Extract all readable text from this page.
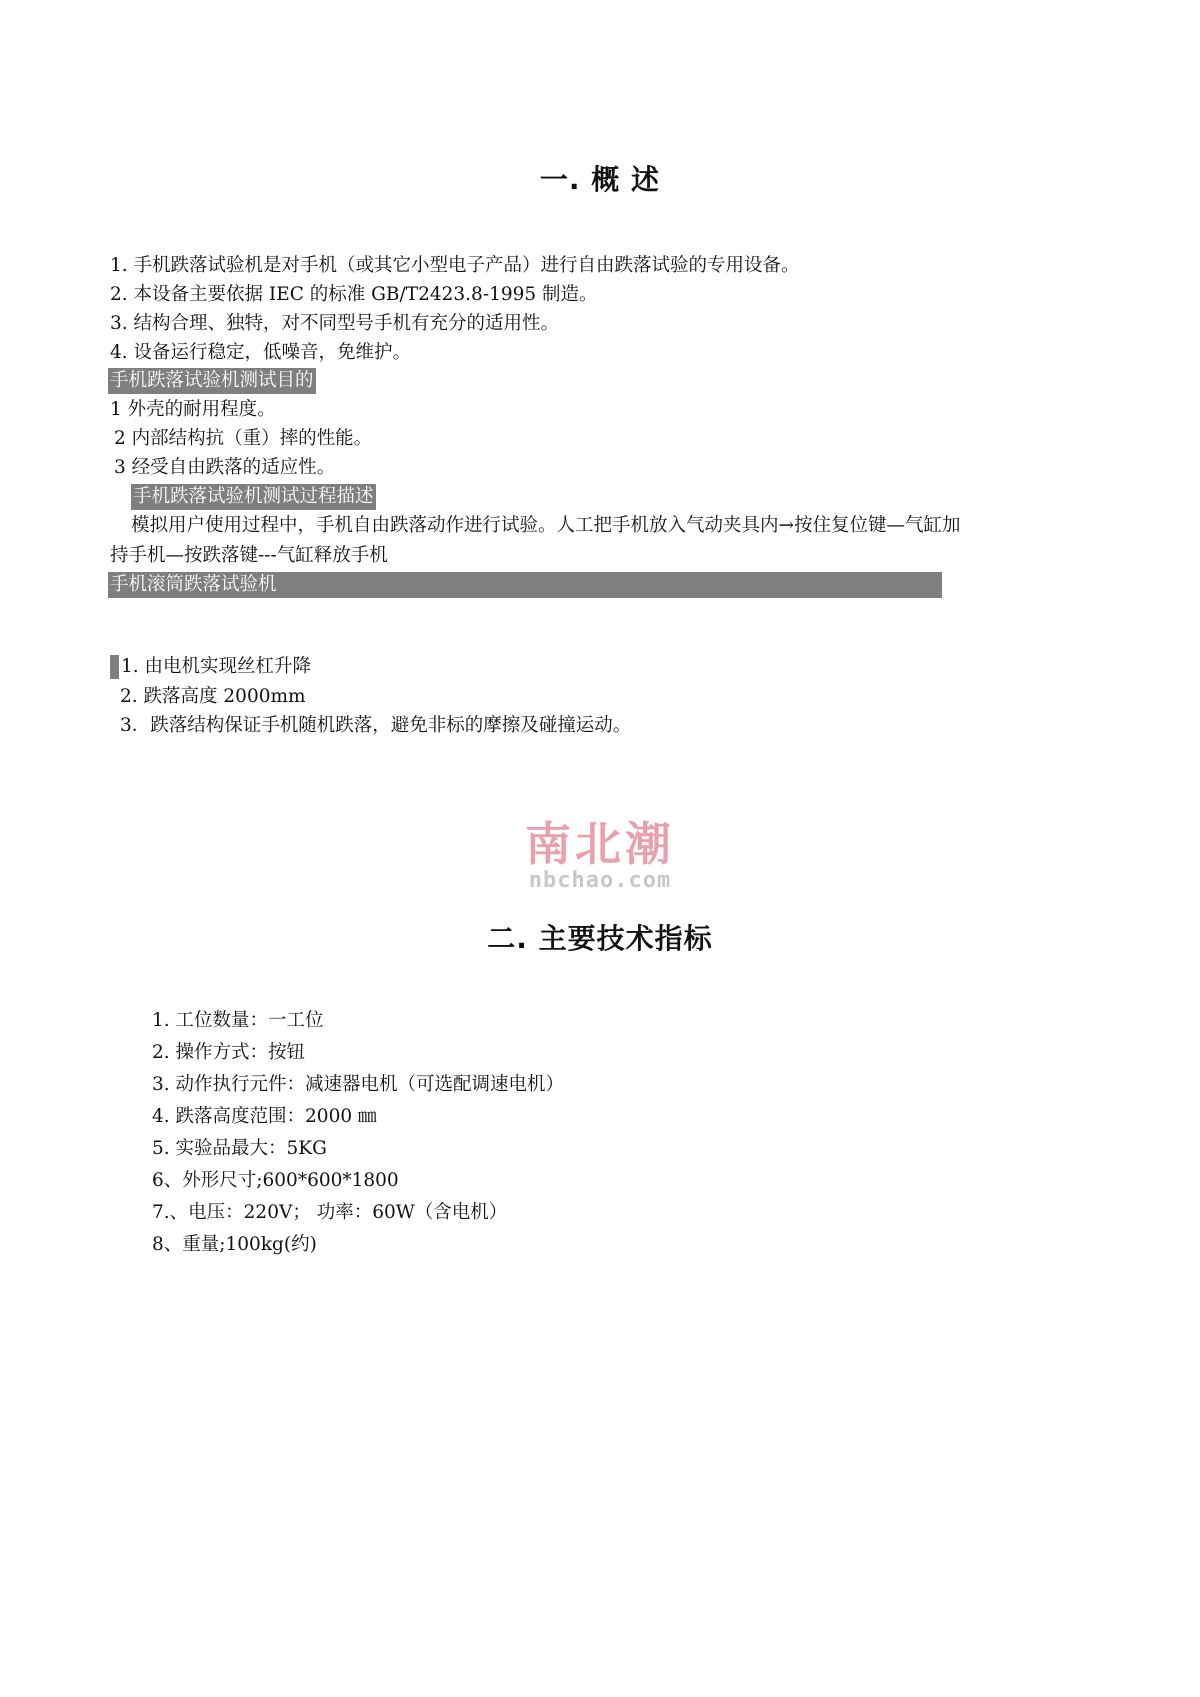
一. 概 述
1. 手机跌落试验机是对手机（或其它小型电子产品）进行自由跌落试验的专用设备。
2. 本设备主要依据 IEC 的标准 GB/T2423.8-1995 制造。
3. 结构合理、独特，对不同型号手机有充分的适用性。
4. 设备运行稳定，低噪音，免维护。
手机跌落试验机测试目的
1 外壳的耐用程度。
2 内部结构抗（重）摔的性能。
3 经受自由跌落的适应性。
手机跌落试验机测试过程描述
模拟用户使用过程中，手机自由跌落动作进行试验。人工把手机放入气动夹具内→按住复位键—气缸加
持手机—按跌落键---气缸释放手机
手机滚筒跌落试验机
1. 由电机实现丝杠升降
2. 跌落高度 2000mm
3．跌落结构保证手机随机跌落，避免非标的摩擦及碰撞运动。
南北潮
nbchao.com
二. 主要技术指标
1. 工位数量：一工位
2. 操作方式：按钮
3. 动作执行元件：减速器电机（可选配调速电机）
4. 跌落高度范围：2000 ㎜
5. 实验品最大：5KG
6、外形尺寸;600*600*1800
7.、电压：220V； 功率：60W（含电机）
8、重量;100kg(约)
